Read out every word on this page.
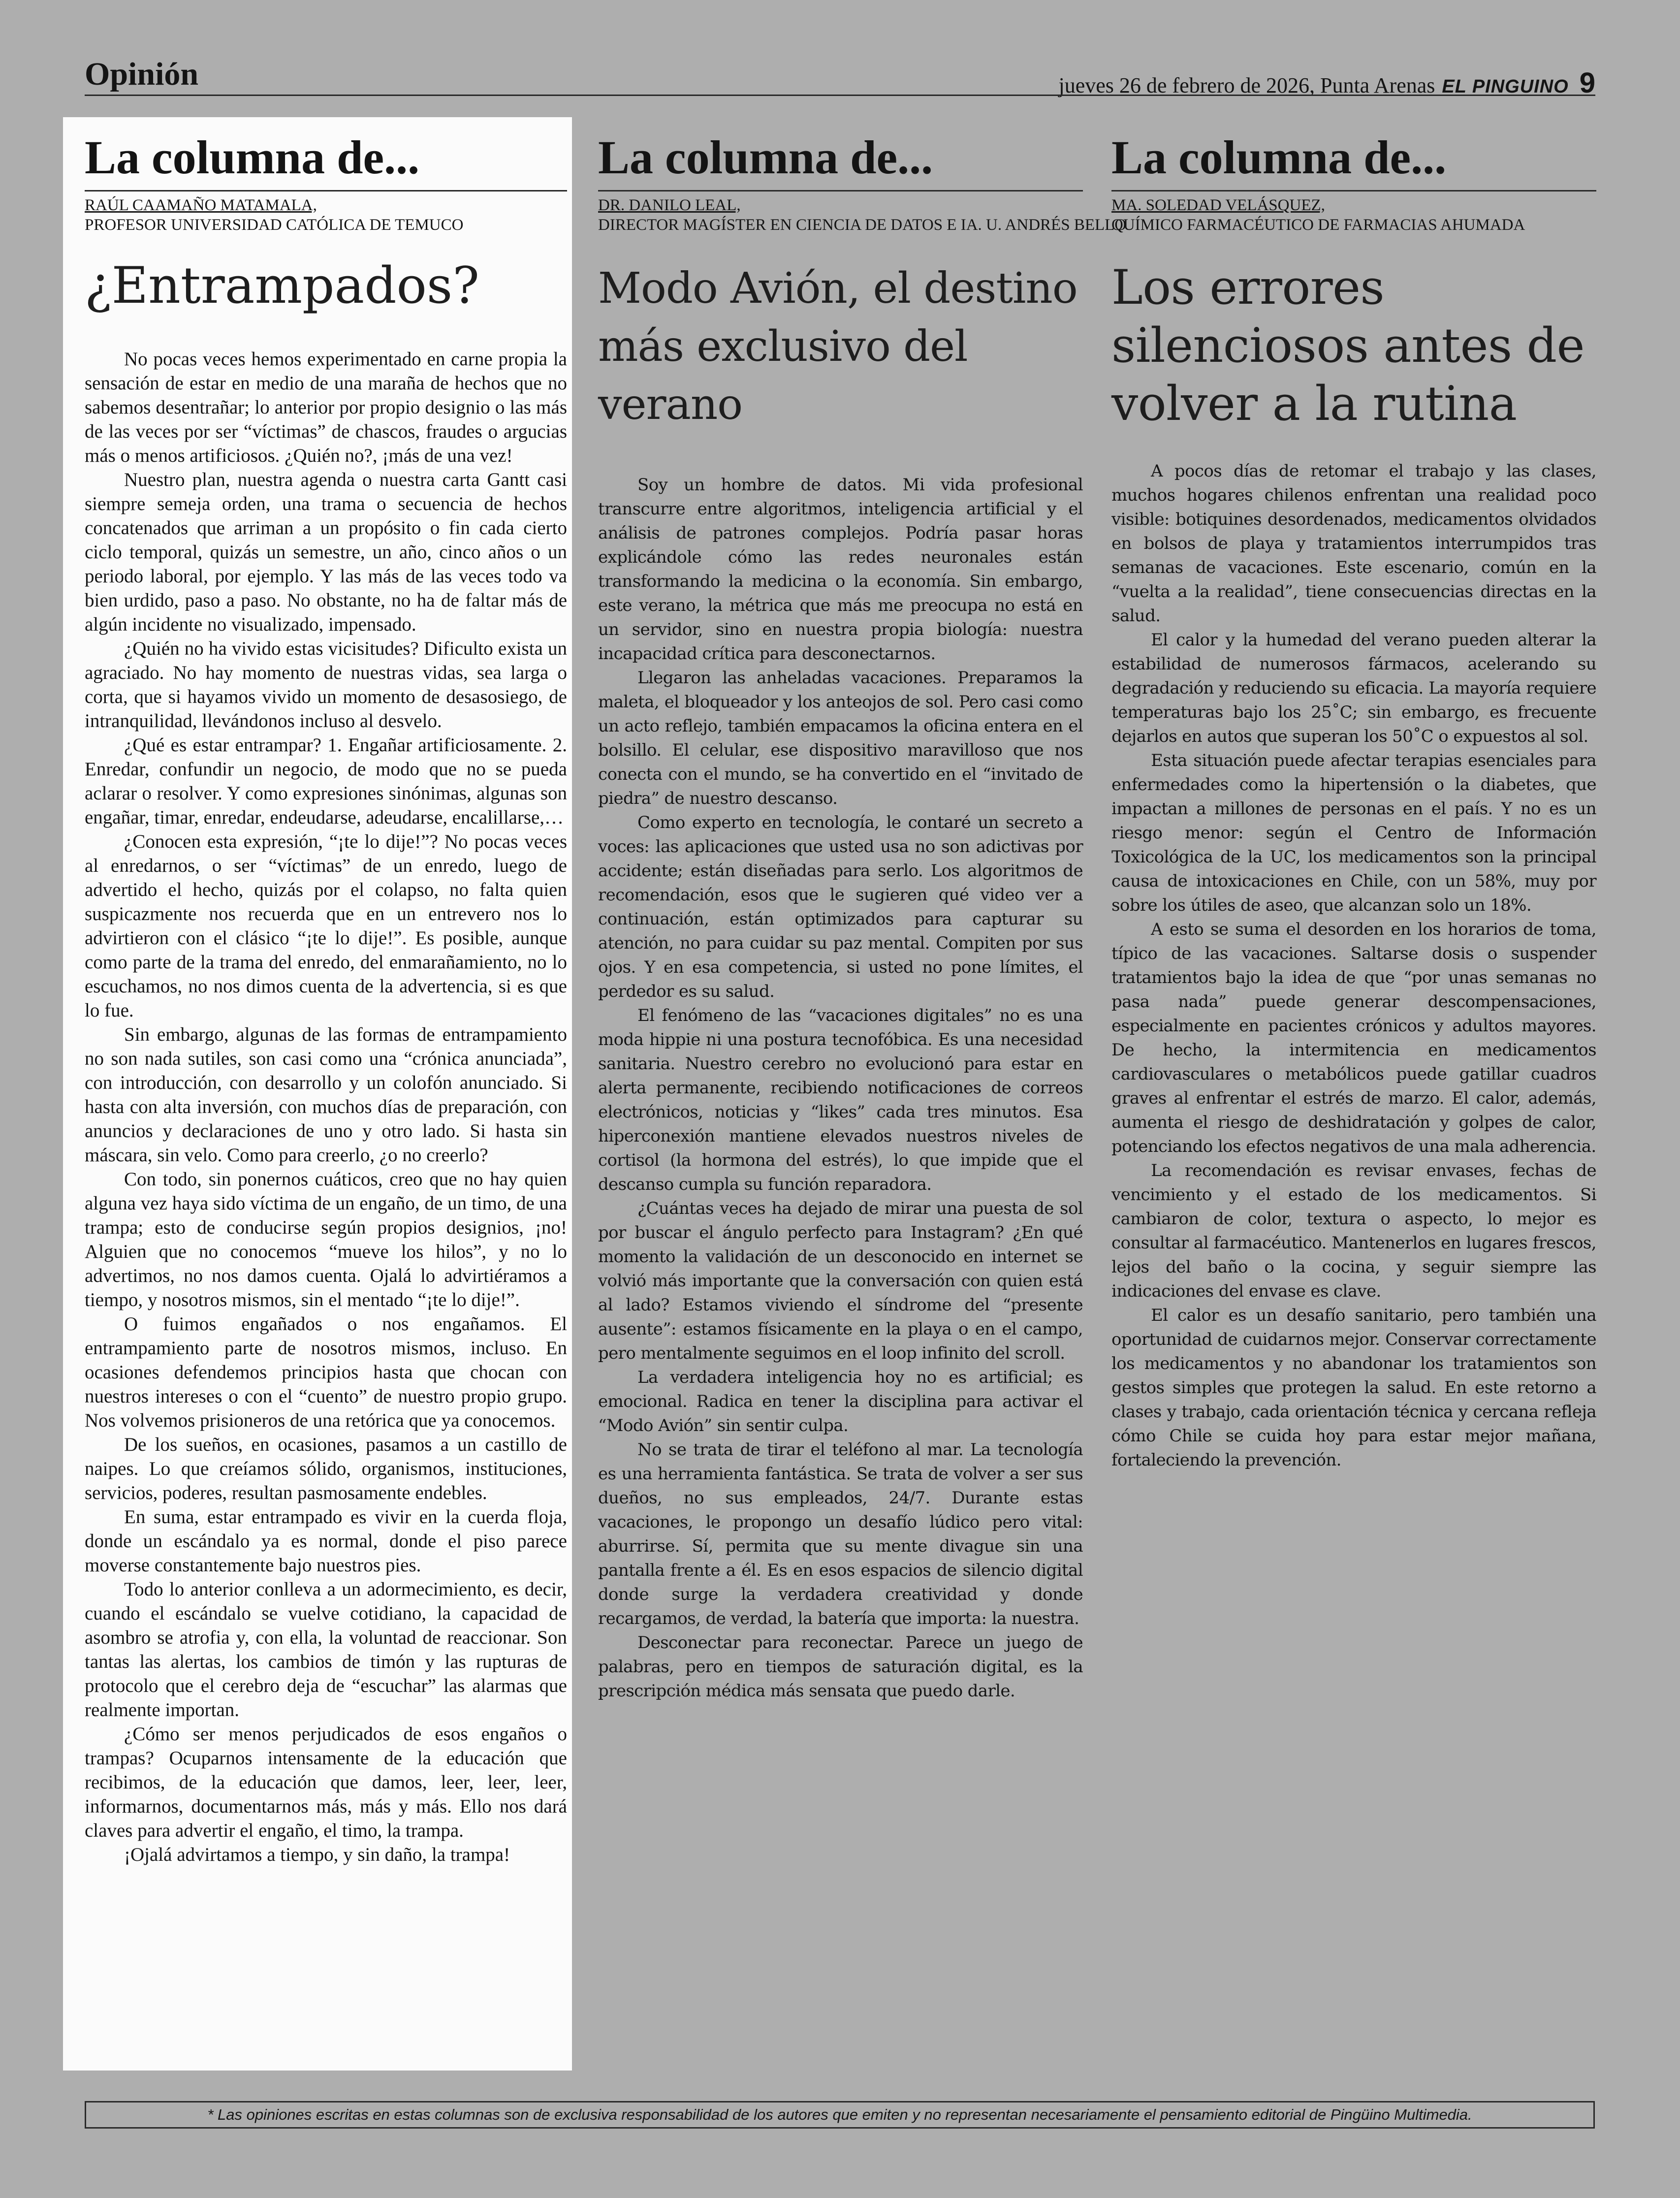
Opinión	jueves 26 de febrero de 2026, Punta Arenas EL PINGUINO 9
La columna de...
RAÚL CAAMAÑO MATAMALA,
PROFESOR UNIVERSIDAD CATÓLICA DE TEMUCO
¿Entrampados?

No pocas veces hemos experimentado en carne propia la sensación de estar en medio de una maraña de hechos que no sabemos desentrañar; lo anterior por propio designio o las más de las veces por ser “víctimas” de chascos, fraudes o argucias más o menos artificiosos. ¿Quién no?, ¡más de una vez!

Nuestro plan, nuestra agenda o nuestra carta Gantt casi siempre semeja orden, una trama o secuencia de hechos concatenados que arriman a un propósito o fin cada cierto ciclo temporal, quizás un semestre, un año, cinco años o un periodo laboral, por ejemplo. Y las más de las veces todo va bien urdido, paso a paso. No obstante, no ha de faltar más de algún incidente no visualizado, impensado.

¿Quién no ha vivido estas vicisitudes? Dificulto exista un agraciado. No hay momento de nuestras vidas, sea larga o corta, que si hayamos vivido un momento de desasosiego, de intranquilidad, llevándonos incluso al desvelo.

¿Qué es estar entrampar? 1. Engañar artificiosamente. 2. Enredar, confundir un negocio, de modo que no se pueda aclarar o resolver. Y como expresiones sinónimas, algunas son engañar, timar, enredar, endeudarse, adeudarse, encalillarse,…

¿Conocen esta expresión, “¡te lo dije!”? No pocas veces al enredarnos, o ser “víctimas” de un enredo, luego de advertido el hecho, quizás por el colapso, no falta quien suspicazmente nos recuerda que en un entrevero nos lo advirtieron con el clásico “¡te lo dije!”. Es posible, aunque como parte de la trama del enredo, del enmarañamiento, no lo escuchamos, no nos dimos cuenta de la advertencia, si es que lo fue.

Sin embargo, algunas de las formas de entrampamiento no son nada sutiles, son casi como una “crónica anunciada”, con introducción, con desarrollo y un colofón anunciado. Si hasta con alta inversión, con muchos días de preparación, con anuncios y declaraciones de uno y otro lado. Si hasta sin máscara, sin velo. Como para creerlo, ¿o no creerlo?

Con todo, sin ponernos cuáticos, creo que no hay quien alguna vez haya sido víctima de un engaño, de un timo, de una trampa; esto de conducirse según propios designios, ¡no! Alguien que no conocemos “mueve los hilos”, y no lo advertimos, no nos damos cuenta. Ojalá lo advirtiéramos a tiempo, y nosotros mismos, sin el mentado “¡te lo dije!”.

O fuimos engañados o nos engañamos. El entrampamiento parte de nosotros mismos, incluso. En ocasiones defendemos principios hasta que chocan con nuestros intereses o con el “cuento” de nuestro propio grupo. Nos volvemos prisioneros de una retórica que ya conocemos.

De los sueños, en ocasiones, pasamos a un castillo de naipes. Lo que creíamos sólido, organismos, instituciones, servicios, poderes, resultan pasmosamente endebles.

En suma, estar entrampado es vivir en la cuerda floja, donde un escándalo ya es normal, donde el piso parece moverse constantemente bajo nuestros pies.

Todo lo anterior conlleva a un adormecimiento, es decir, cuando el escándalo se vuelve cotidiano, la capacidad de asombro se atrofia y, con ella, la voluntad de reaccionar. Son tantas las alertas, los cambios de timón y las rupturas de protocolo que el cerebro deja de “escuchar” las alarmas que realmente importan.

¿Cómo ser menos perjudicados de esos engaños o trampas? Ocuparnos intensamente de la educación que recibimos, de la educación que damos, leer, leer, leer, informarnos, documentarnos más, más y más. Ello nos dará claves para advertir el engaño, el timo, la trampa.

¡Ojalá advirtamos a tiempo, y sin daño, la trampa!

La columna de...
DR. DANILO LEAL,
DIRECTOR MAGÍSTER EN CIENCIA DE DATOS E IA. U. ANDRÉS BELLO
Modo Avión, el destino más exclusivo del verano

Soy un hombre de datos. Mi vida profesional transcurre entre algoritmos, inteligencia artificial y el análisis de patrones complejos. Podría pasar horas explicándole cómo las redes neuronales están transformando la medicina o la economía. Sin embargo, este verano, la métrica que más me preocupa no está en un servidor, sino en nuestra propia biología: nuestra incapacidad crítica para desconectarnos.

Llegaron las anheladas vacaciones. Preparamos la maleta, el bloqueador y los anteojos de sol. Pero casi como un acto reflejo, también empacamos la oficina entera en el bolsillo. El celular, ese dispositivo maravilloso que nos conecta con el mundo, se ha convertido en el “invitado de piedra” de nuestro descanso.

Como experto en tecnología, le contaré un secreto a voces: las aplicaciones que usted usa no son adictivas por accidente; están diseñadas para serlo. Los algoritmos de recomendación, esos que le sugieren qué video ver a continuación, están optimizados para capturar su atención, no para cuidar su paz mental. Compiten por sus ojos. Y en esa competencia, si usted no pone límites, el perdedor es su salud.

El fenómeno de las “vacaciones digitales” no es una moda hippie ni una postura tecnofóbica. Es una necesidad sanitaria. Nuestro cerebro no evolucionó para estar en alerta permanente, recibiendo notificaciones de correos electrónicos, noticias y “likes” cada tres minutos. Esa hiperconexión mantiene elevados nuestros niveles de cortisol (la hormona del estrés), lo que impide que el descanso cumpla su función reparadora.

¿Cuántas veces ha dejado de mirar una puesta de sol por buscar el ángulo perfecto para Instagram? ¿En qué momento la validación de un desconocido en internet se volvió más importante que la conversación con quien está al lado? Estamos viviendo el síndrome del “presente ausente”: estamos físicamente en la playa o en el campo, pero mentalmente seguimos en el loop infinito del scroll.

La verdadera inteligencia hoy no es artificial; es emocional. Radica en tener la disciplina para activar el “Modo Avión” sin sentir culpa.

No se trata de tirar el teléfono al mar. La tecnología es una herramienta fantástica. Se trata de volver a ser sus dueños, no sus empleados, 24/7. Durante estas vacaciones, le propongo un desafío lúdico pero vital: aburrirse. Sí, permita que su mente divague sin una pantalla frente a él. Es en esos espacios de silencio digital donde surge la verdadera creatividad y donde recargamos, de verdad, la batería que importa: la nuestra.

Desconectar para reconectar. Parece un juego de palabras, pero en tiempos de saturación digital, es la prescripción médica más sensata que puedo darle.

La columna de...
MA. SOLEDAD VELÁSQUEZ,
QUÍMICO FARMACÉUTICO DE FARMACIAS AHUMADA
Los errores silenciosos antes de volver a la rutina

A pocos días de retomar el trabajo y las clases, muchos hogares chilenos enfrentan una realidad poco visible: botiquines desordenados, medicamentos olvidados en bolsos de playa y tratamientos interrumpidos tras semanas de vacaciones. Este escenario, común en la “vuelta a la realidad”, tiene consecuencias directas en la salud.

El calor y la humedad del verano pueden alterar la estabilidad de numerosos fármacos, acelerando su degradación y reduciendo su eficacia. La mayoría requiere temperaturas bajo los 25˚C; sin embargo, es frecuente dejarlos en autos que superan los 50˚C o expuestos al sol.

Esta situación puede afectar terapias esenciales para enfermedades como la hipertensión o la diabetes, que impactan a millones de personas en el país. Y no es un riesgo menor: según el Centro de Información Toxicológica de la UC, los medicamentos son la principal causa de intoxicaciones en Chile, con un 58%, muy por sobre los útiles de aseo, que alcanzan solo un 18%.

A esto se suma el desorden en los horarios de toma, típico de las vacaciones. Saltarse dosis o suspender tratamientos bajo la idea de que “por unas semanas no pasa nada” puede generar descompensaciones, especialmente en pacientes crónicos y adultos mayores. De hecho, la intermitencia en medicamentos cardiovasculares o metabólicos puede gatillar cuadros graves al enfrentar el estrés de marzo. El calor, además, aumenta el riesgo de deshidratación y golpes de calor, potenciando los efectos negativos de una mala adherencia.

La recomendación es revisar envases, fechas de vencimiento y el estado de los medicamentos. Si cambiaron de color, textura o aspecto, lo mejor es consultar al farmacéutico. Mantenerlos en lugares frescos, lejos del baño o la cocina, y seguir siempre las indicaciones del envase es clave.

El calor es un desafío sanitario, pero también una oportunidad de cuidarnos mejor. Conservar correctamente los medicamentos y no abandonar los tratamientos son gestos simples que protegen la salud. En este retorno a clases y trabajo, cada orientación técnica y cercana refleja cómo Chile se cuida hoy para estar mejor mañana, fortaleciendo la prevención.

* Las opiniones escritas en estas columnas son de exclusiva responsabilidad de los autores que emiten y no representan necesariamente el pensamiento editorial de Pingüino Multimedia.
